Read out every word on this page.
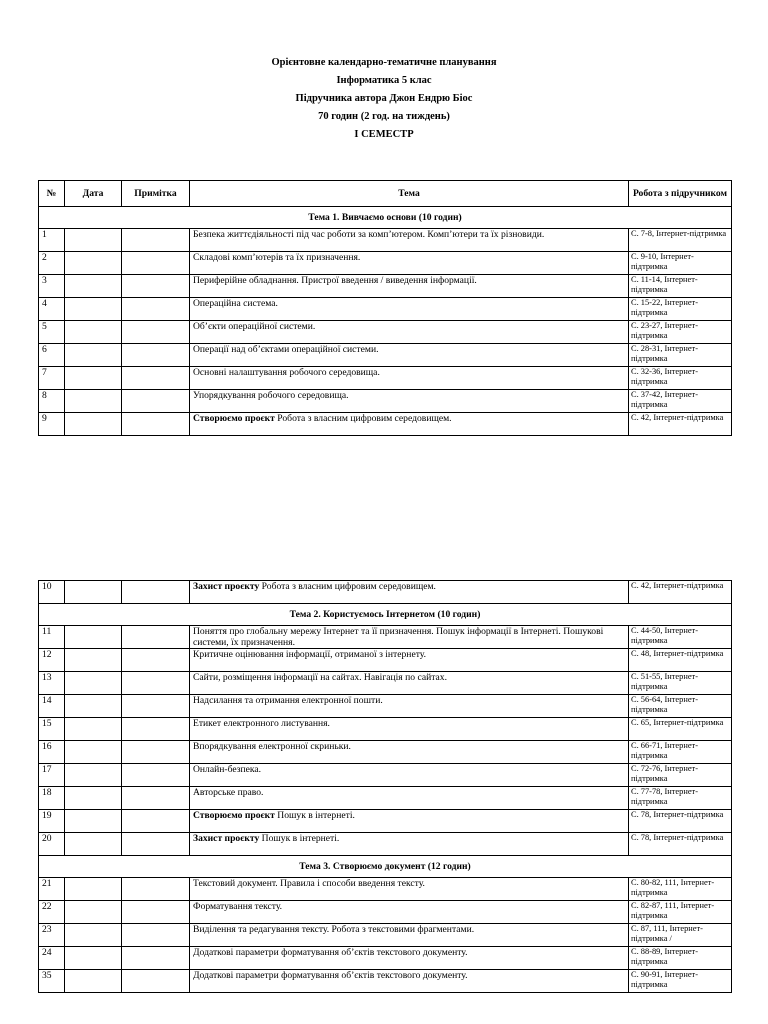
Орієнтовне календарно-тематичне планування
Інформатика 5 клас
Підручника автора Джон Ендрю Біос
70 годин (2 год. на тиждень)
І СЕМЕСТР
№	Дата	Примітка	Тема	Робота з підручником
Тема 1. Вивчаємо основи (10 годин)				
1			Безпека життєдіяльності під час роботи за комп’ютером. Комп’ютери та їх різновиди.	С. 7-8, Інтернет-підтримка
2			Складові комп’ютерів та їх призначення.	С. 9-10, Інтернет-підтримка
3			Периферійне обладнання. Пристрої введення / виведення інформації.	С. 11-14, Інтернет-підтримка
4			Операційна система.	С. 15-22, Інтернет-підтримка
5			Об’єкти операційної системи.	С. 23-27, Інтернет-підтримка
6			Операції над об’єктами операційної системи.	С. 28-31, Інтернет-підтримка
7			Основні налаштування робочого середовища.	С. 32-36, Інтернет-підтримка
8			Упорядкування робочого середовища.	С. 37-42, Інтернет-підтримка
9			Створюємо проєкт Робота з власним цифровим середовищем.	С. 42, Інтернет-підтримка
10			Захист проєкту Робота з власним цифровим середовищем.	С. 42, Інтернет-підтримка
Тема 2. Користуємось Інтернетом (10 годин)				
11			Поняття про глобальну мережу Інтернет та її призначення. Пошук інформації в Інтернеті. Пошукові системи, їх призначення.	С. 44-50, Інтернет-підтримка
12			Критичне оцінювання інформації, отриманої з інтернету.	С. 48, Інтернет-підтримка
13			Сайти, розміщення інформації на сайтах. Навігація по сайтах.	С. 51-55, Інтернет-підтримка
14			Надсилання та отримання електронної пошти.	С. 56-64, Інтернет-підтримка
15			Етикет електронного листування.	С. 65, Інтернет-підтримка
16			Впорядкування електронної скриньки.	С. 66-71, Інтернет-підтримка
17			Онлайн-безпека.	С. 72-76, Інтернет-підтримка
18			Авторське право.	С. 77-78, Інтернет-підтримка
19			Створюємо проєкт Пошук в інтернеті.	С. 78, Інтернет-підтримка
20			Захист проєкту Пошук в інтернеті.	С. 78, Інтернет-підтримка
Тема 3. Створюємо документ (12 годин)				
21			Текстовий документ. Правила і способи введення тексту.	С. 80-82, 111, Інтернет-підтримка
22			Форматування тексту.	С. 82-87, 111, Інтернет-підтримка
23			Виділення та редагування тексту. Робота з текстовими фрагментами.	С. 87, 111, Інтернет-підтримка /
24			Додаткові параметри форматування об’єктів текстового документу.	С. 88-89, Інтернет-підтримка
35			Додаткові параметри форматування об’єктів текстового документу.	С. 90-91, Інтернет-підтримка
